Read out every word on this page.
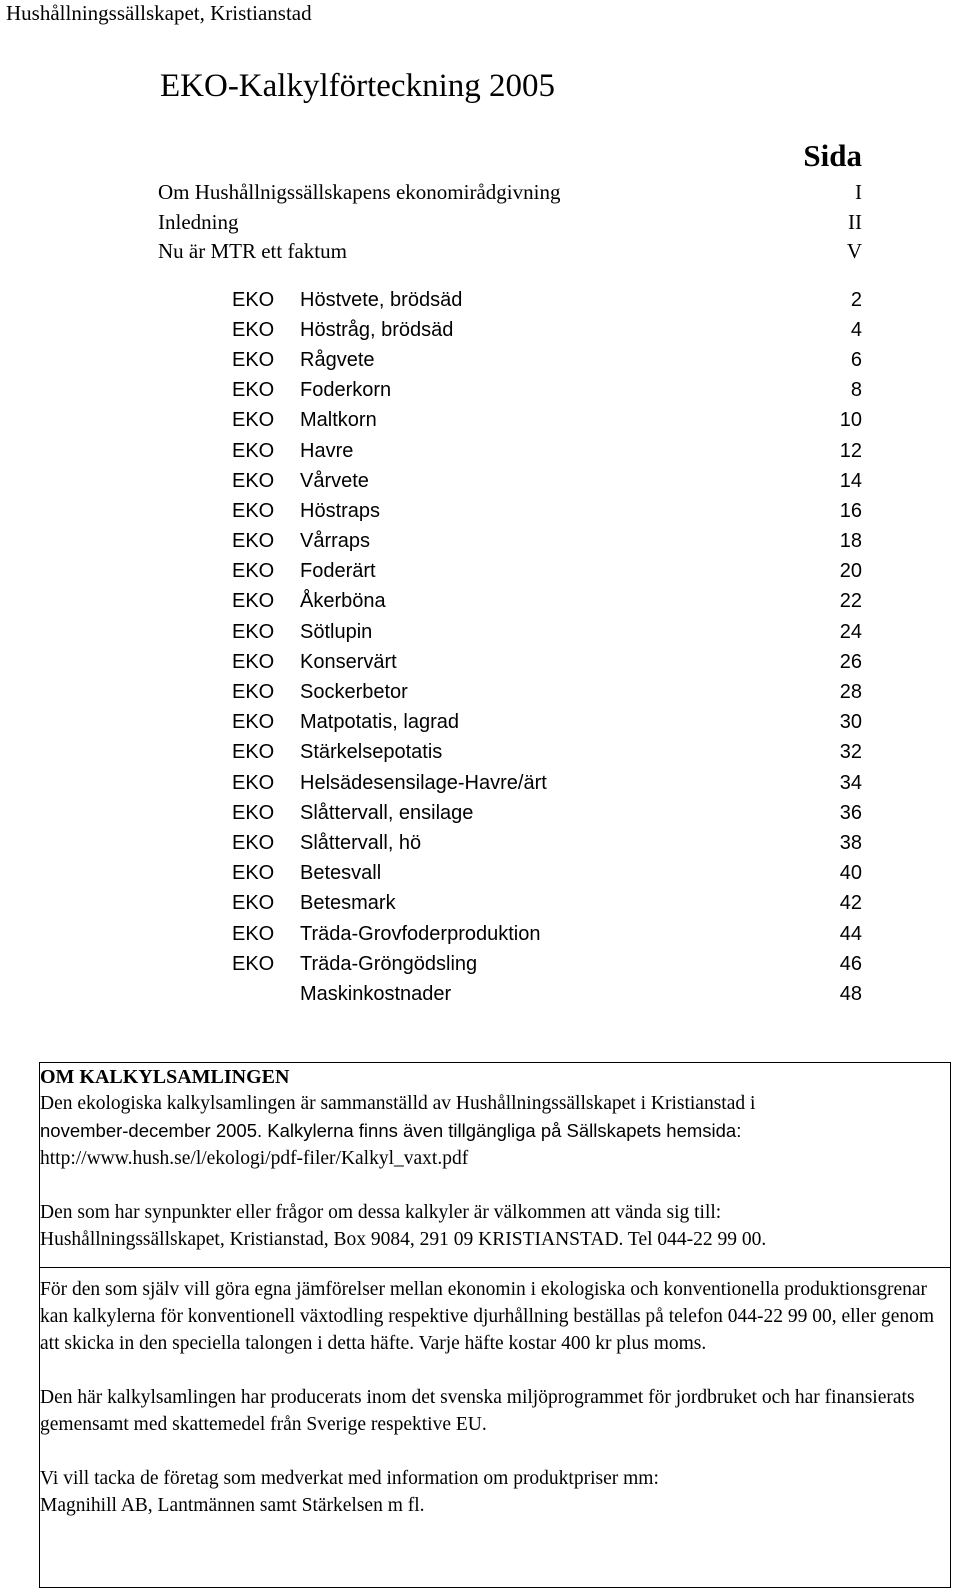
Hushållningssällskapet, Kristianstad
EKO-Kalkylförteckning 2005
Sida
Om Hushållnigssällskapens ekonomirådgivning	I
Inledning	II
Nu är MTR ett faktum	V
EKO	Höstvete, brödsäd	2
EKO	Höstråg, brödsäd	4
EKO	Rågvete	6
EKO	Foderkorn	8
EKO	Maltkorn	10
EKO	Havre	12
EKO	Vårvete	14
EKO	Höstraps	16
EKO	Vårraps	18
EKO	Foderärt	20
EKO	Åkerböna	22
EKO	Sötlupin	24
EKO	Konservärt	26
EKO	Sockerbetor	28
EKO	Matpotatis, lagrad	30
EKO	Stärkelsepotatis	32
EKO	Helsädesensilage-Havre/ärt	34
EKO	Slåttervall, ensilage	36
EKO	Slåttervall, hö	38
EKO	Betesvall	40
EKO	Betesmark	42
EKO	Träda-Grovfoderproduktion	44
EKO	Träda-Gröngödsling	46
Maskinkostnader	48
OM KALKYLSAMLINGEN

Den ekologiska kalkylsamlingen är sammanställd av Hushållningssällskapet i Kristianstad i
november-december 2005. Kalkylerna finns även tillgängliga på Sällskapets hemsida:
http://www.hush.se/l/ekologi/pdf-filer/Kalkyl_vaxt.pdf

Den som har synpunkter eller frågor om dessa kalkyler är välkommen att vända sig till:
Hushållningssällskapet, Kristianstad, Box 9084, 291 09 KRISTIANSTAD. Tel 044-22 99 00.

För den som själv vill göra egna jämförelser mellan ekonomin i ekologiska och konventionella produktionsgrenar kan kalkylerna för konventionell växtodling respektive djurhållning beställas på telefon 044-22 99 00, eller genom att skicka in den speciella talongen i detta häfte. Varje häfte kostar 400 kr plus moms.

Den här kalkylsamlingen har producerats inom det svenska miljöprogrammet för jordbruket och har finansierats gemensamt med skattemedel från Sverige respektive EU.

Vi vill tacka de företag som medverkat med information om produktpriser mm:
Magnihill AB, Lantmännen samt Stärkelsen m fl.
